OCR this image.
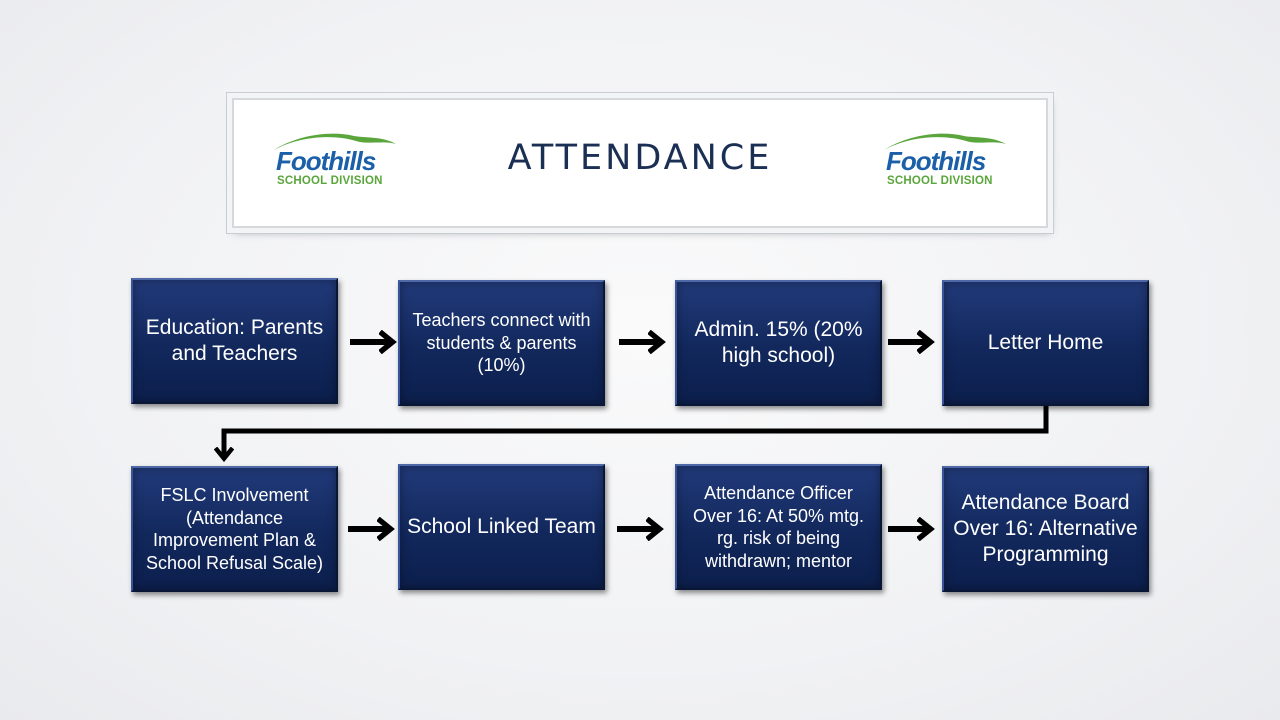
Foothills
SCHOOL DIVISION
ATTENDANCE	Foothills
SCHOOL DIVISION
Education: Parents and Teachers
Teachers connect with students & parents (10%)
Admin. 15% (20% high school)
Letter Home
FSLC Involvement (Attendance Improvement Plan & School Refusal Scale)
School Linked Team
Attendance Officer Over 16: At 50% mtg. rg. risk of being withdrawn; mentor
Attendance Board Over 16: Alternative Programming
